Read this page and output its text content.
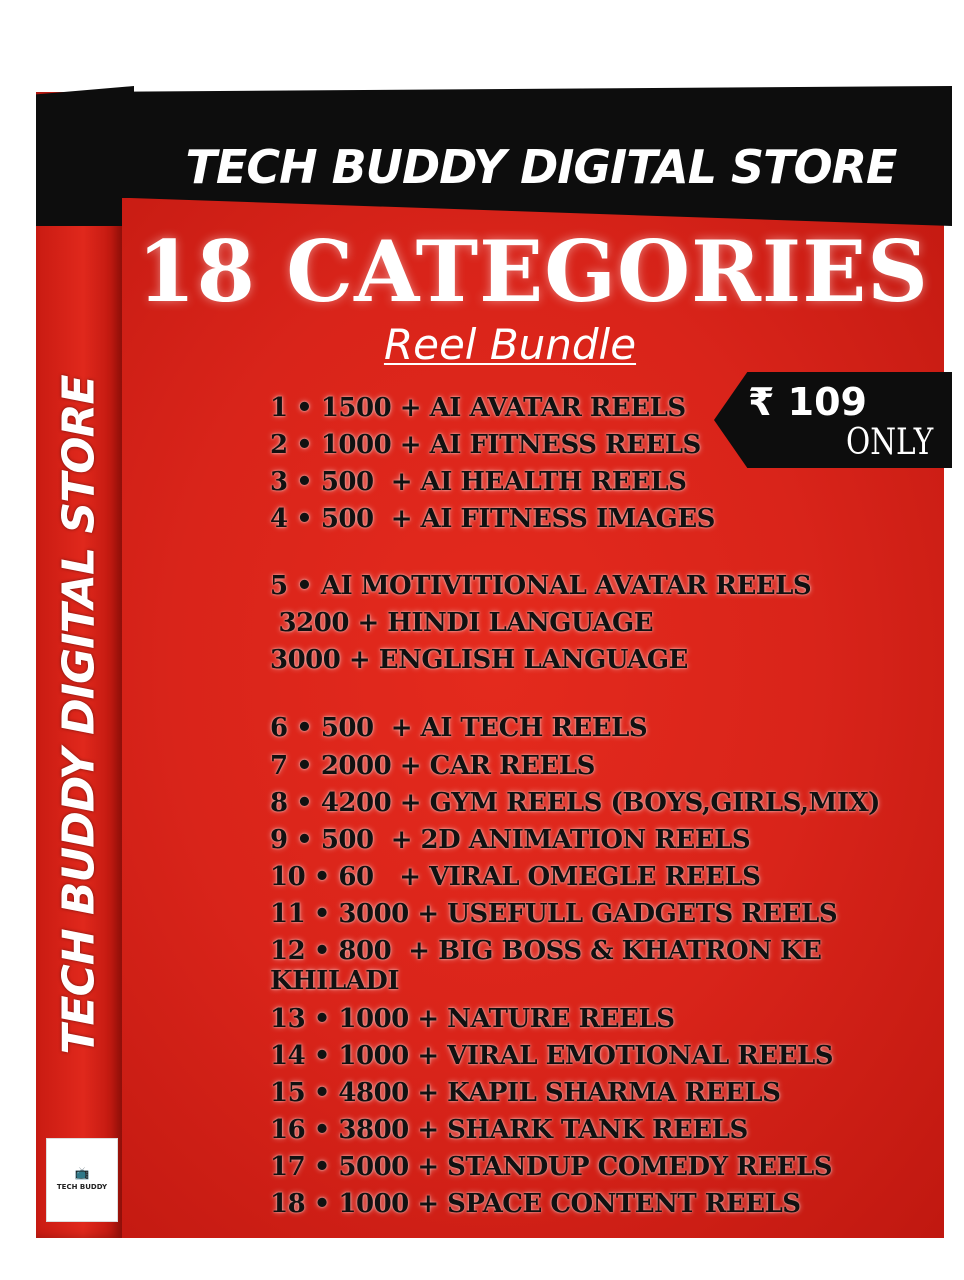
TECH BUDDY DIGITAL STORE
📺
TECH BUDDY
TECH BUDDY DIGITAL STORE
18 CATEGORIES
Reel Bundle
₹ 109
ONLY
1 • 1500 + AI AVATAR REELS
2 • 1000 + AI FITNESS REELS
3 • 500  + AI HEALTH REELS
4 • 500  + AI FITNESS IMAGES
5 • AI MOTIVITIONAL AVATAR REELS
3200 + HINDI LANGUAGE
3000 + ENGLISH LANGUAGE
6 • 500  + AI TECH REELS
7 • 2000 + CAR REELS
8 • 4200 + GYM REELS (BOYS,GIRLS,MIX)
9 • 500  + 2D ANIMATION REELS
10 • 60   + VIRAL OMEGLE REELS
11 • 3000 + USEFULL GADGETS REELS
12 • 800  + BIG BOSS & KHATRON KE
KHILADI
13 • 1000 + NATURE REELS
14 • 1000 + VIRAL EMOTIONAL REELS
15 • 4800 + KAPIL SHARMA REELS
16 • 3800 + SHARK TANK REELS
17 • 5000 + STANDUP COMEDY REELS
18 • 1000 + SPACE CONTENT REELS
